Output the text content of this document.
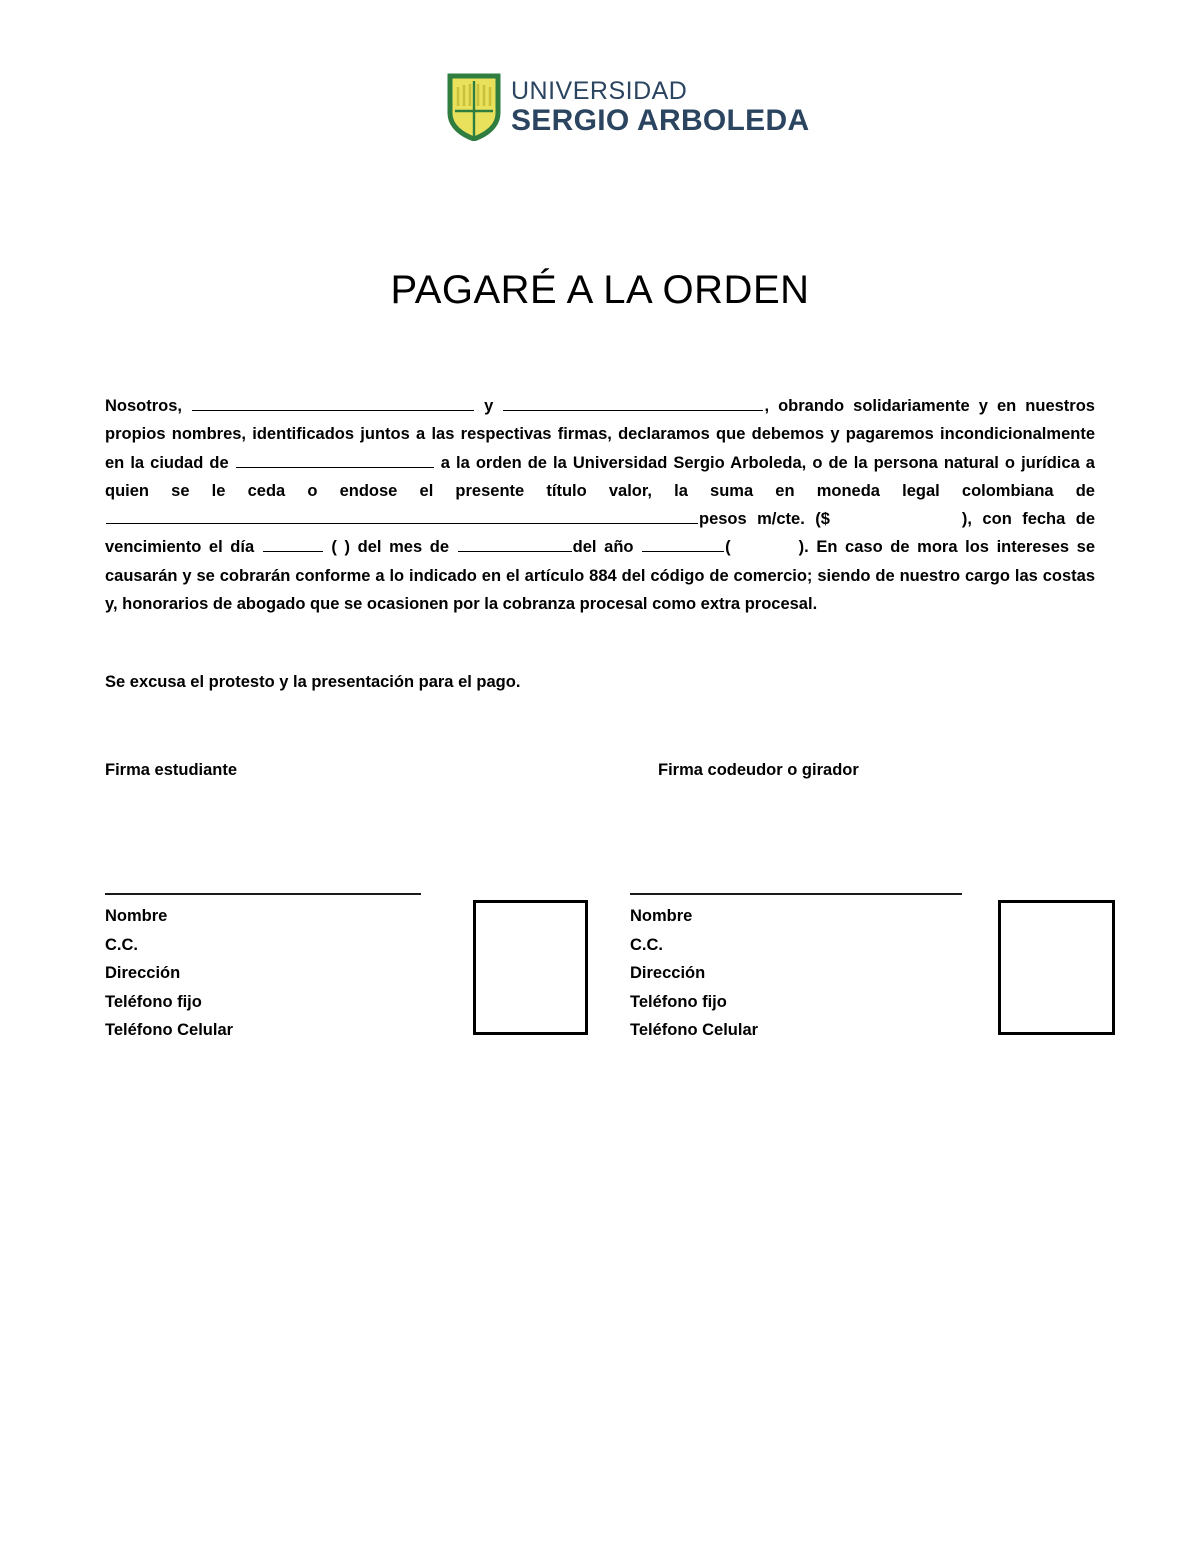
UNIVERSIDAD
SERGIO ARBOLEDA
PAGARÉ A LA ORDEN
Nosotros,	y	, obrando solidariamente y en nuestros propios nombres, identificados juntos a las respectivas firmas, declaramos que debemos y pagaremos incondicionalmente en la ciudad de	a la orden de la Universidad Sergio Arboleda, o de la persona natural o jurídica a quien se le ceda o endose el presente título valor, la suma en moneda legal colombiana de pesos m/cte. ($	), con fecha de vencimiento el día	( ) del mes de	del año	(	). En caso de mora los intereses se causarán y se cobrarán conforme a lo indicado en el artículo 884 del código de comercio; siendo de nuestro cargo las costas y, honorarios de abogado que se ocasionen por la cobranza procesal como extra procesal.
Se excusa el protesto y la presentación para el pago.
Firma estudiante	Firma codeudor o girador
Nombre
C.C.
Dirección
Teléfono fijo
Teléfono Celular
Nombre
C.C.
Dirección
Teléfono fijo
Teléfono Celular
